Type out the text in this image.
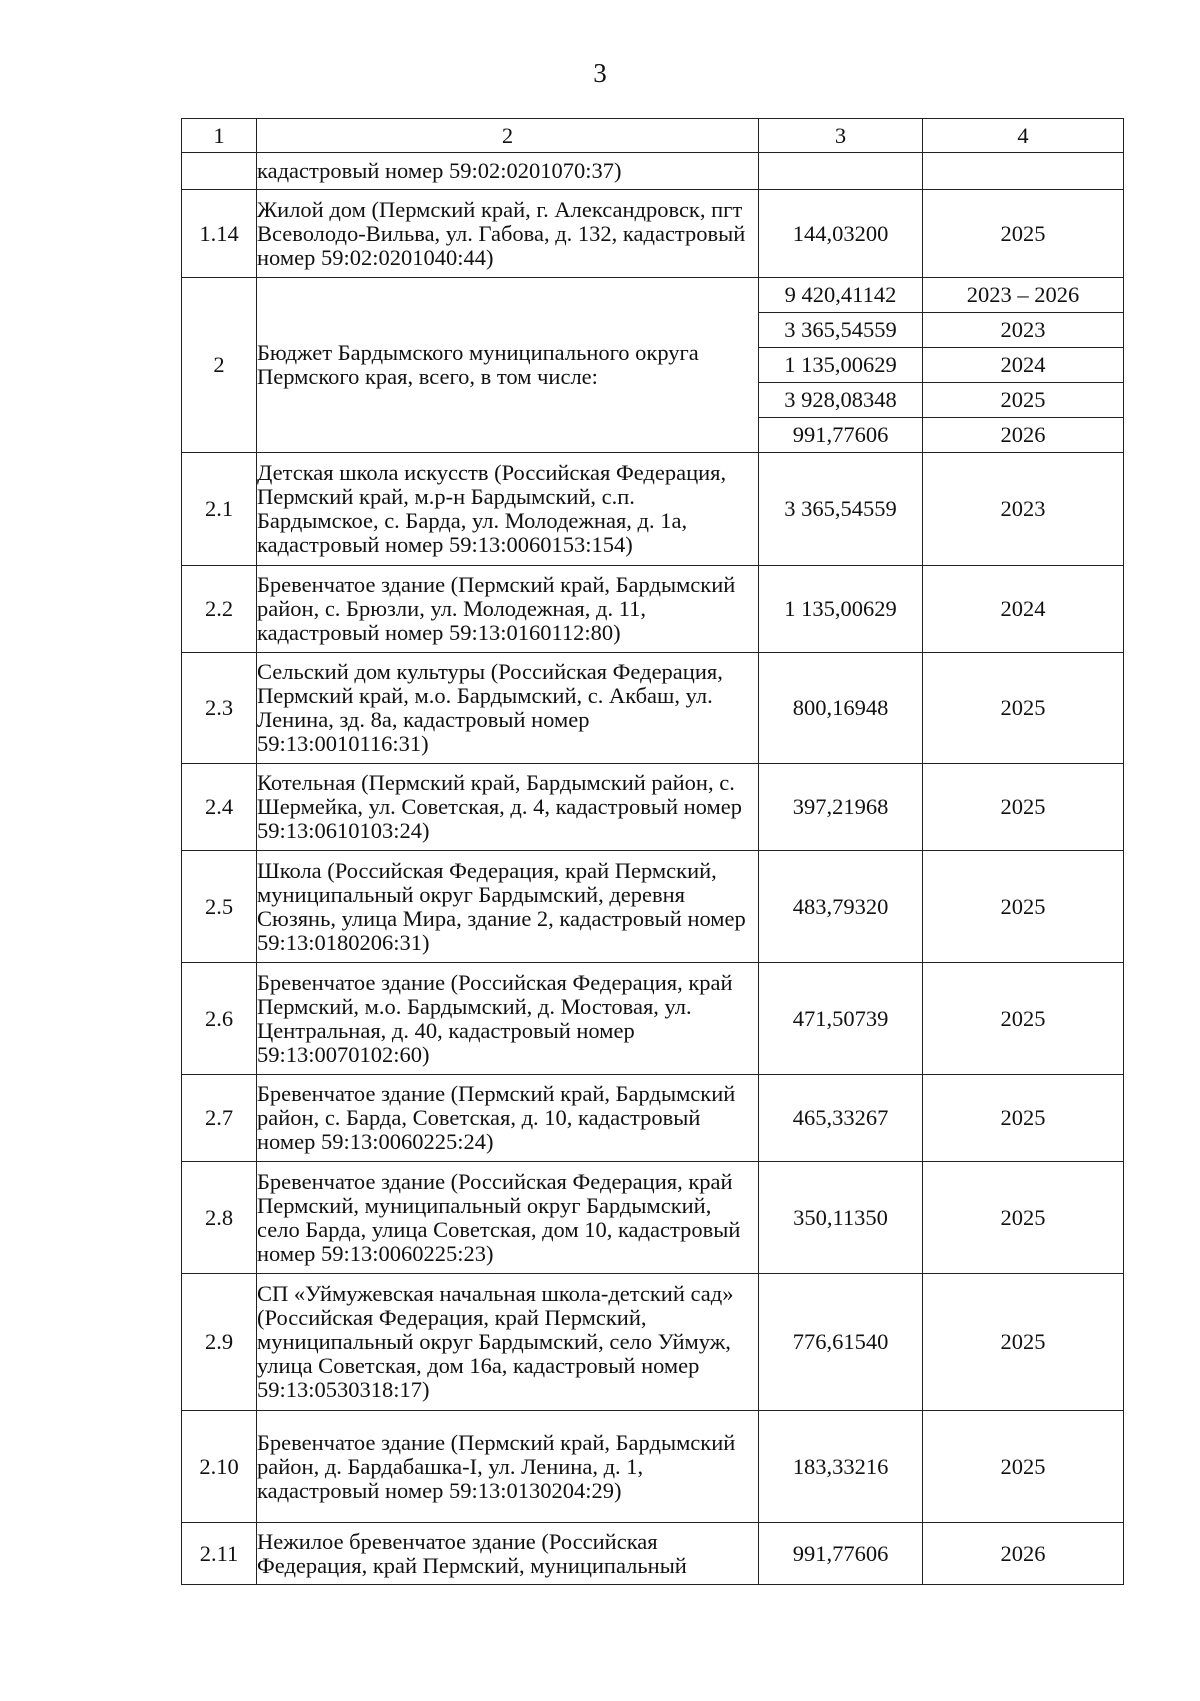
3
1	2	3	4
	кадастровый номер 59:02:0201070:37)		
1.14	Жилой дом (Пермский край, г. Александровск, пгт Всеволодо-Вильва, ул. Габова, д. 132, кадастровый номер 59:02:0201040:44)	144,03200	2025
2	Бюджет Бардымского муниципального округа Пермского края, всего, в том числе:	9 420,41142	2023 – 2026
		3 365,54559	2023
		1 135,00629	2024
		3 928,08348	2025
		991,77606	2026
2.1	Детская школа искусств (Российская Федерация, Пермский край, м.р-н Бардымский, с.п. Бардымское, с. Барда, ул. Молодежная, д. 1а, кадастровый номер 59:13:0060153:154)	3 365,54559	2023
2.2	Бревенчатое здание (Пермский край, Бардымский район, с. Брюзли, ул. Молодежная, д. 11, кадастровый номер 59:13:0160112:80)	1 135,00629	2024
2.3	Сельский дом культуры (Российская Федерация, Пермский край, м.о. Бардымский, с. Акбаш, ул. Ленина, зд. 8а, кадастровый номер 59:13:0010116:31)	800,16948	2025
2.4	Котельная (Пермский край, Бардымский район, с. Шермейка, ул. Советская, д. 4, кадастровый номер 59:13:0610103:24)	397,21968	2025
2.5	Школа (Российская Федерация, край Пермский, муниципальный округ Бардымский, деревня Сюзянь, улица Мира, здание 2, кадастровый номер 59:13:0180206:31)	483,79320	2025
2.6	Бревенчатое здание (Российская Федерация, край Пермский, м.о. Бардымский, д. Мостовая, ул. Центральная, д. 40, кадастровый номер 59:13:0070102:60)	471,50739	2025
2.7	Бревенчатое здание (Пермский край, Бардымский район, с. Барда, Советская, д. 10, кадастровый номер 59:13:0060225:24)	465,33267	2025
2.8	Бревенчатое здание (Российская Федерация, край Пермский, муниципальный округ Бардымский, село Барда, улица Советская, дом 10, кадастровый номер 59:13:0060225:23)	350,11350	2025
2.9	СП «Уймужевская начальная школа-детский сад» (Российская Федерация, край Пермский, муниципальный округ Бардымский, село Уймуж, улица Советская, дом 16а, кадастровый номер 59:13:0530318:17)	776,61540	2025
2.10	Бревенчатое здание (Пермский край, Бардымский район, д. Бардабашка-I, ул. Ленина, д. 1, кадастровый номер 59:13:0130204:29)	183,33216	2025
2.11	Нежилое бревенчатое здание (Российская Федерация, край Пермский, муниципальный	991,77606	2026
